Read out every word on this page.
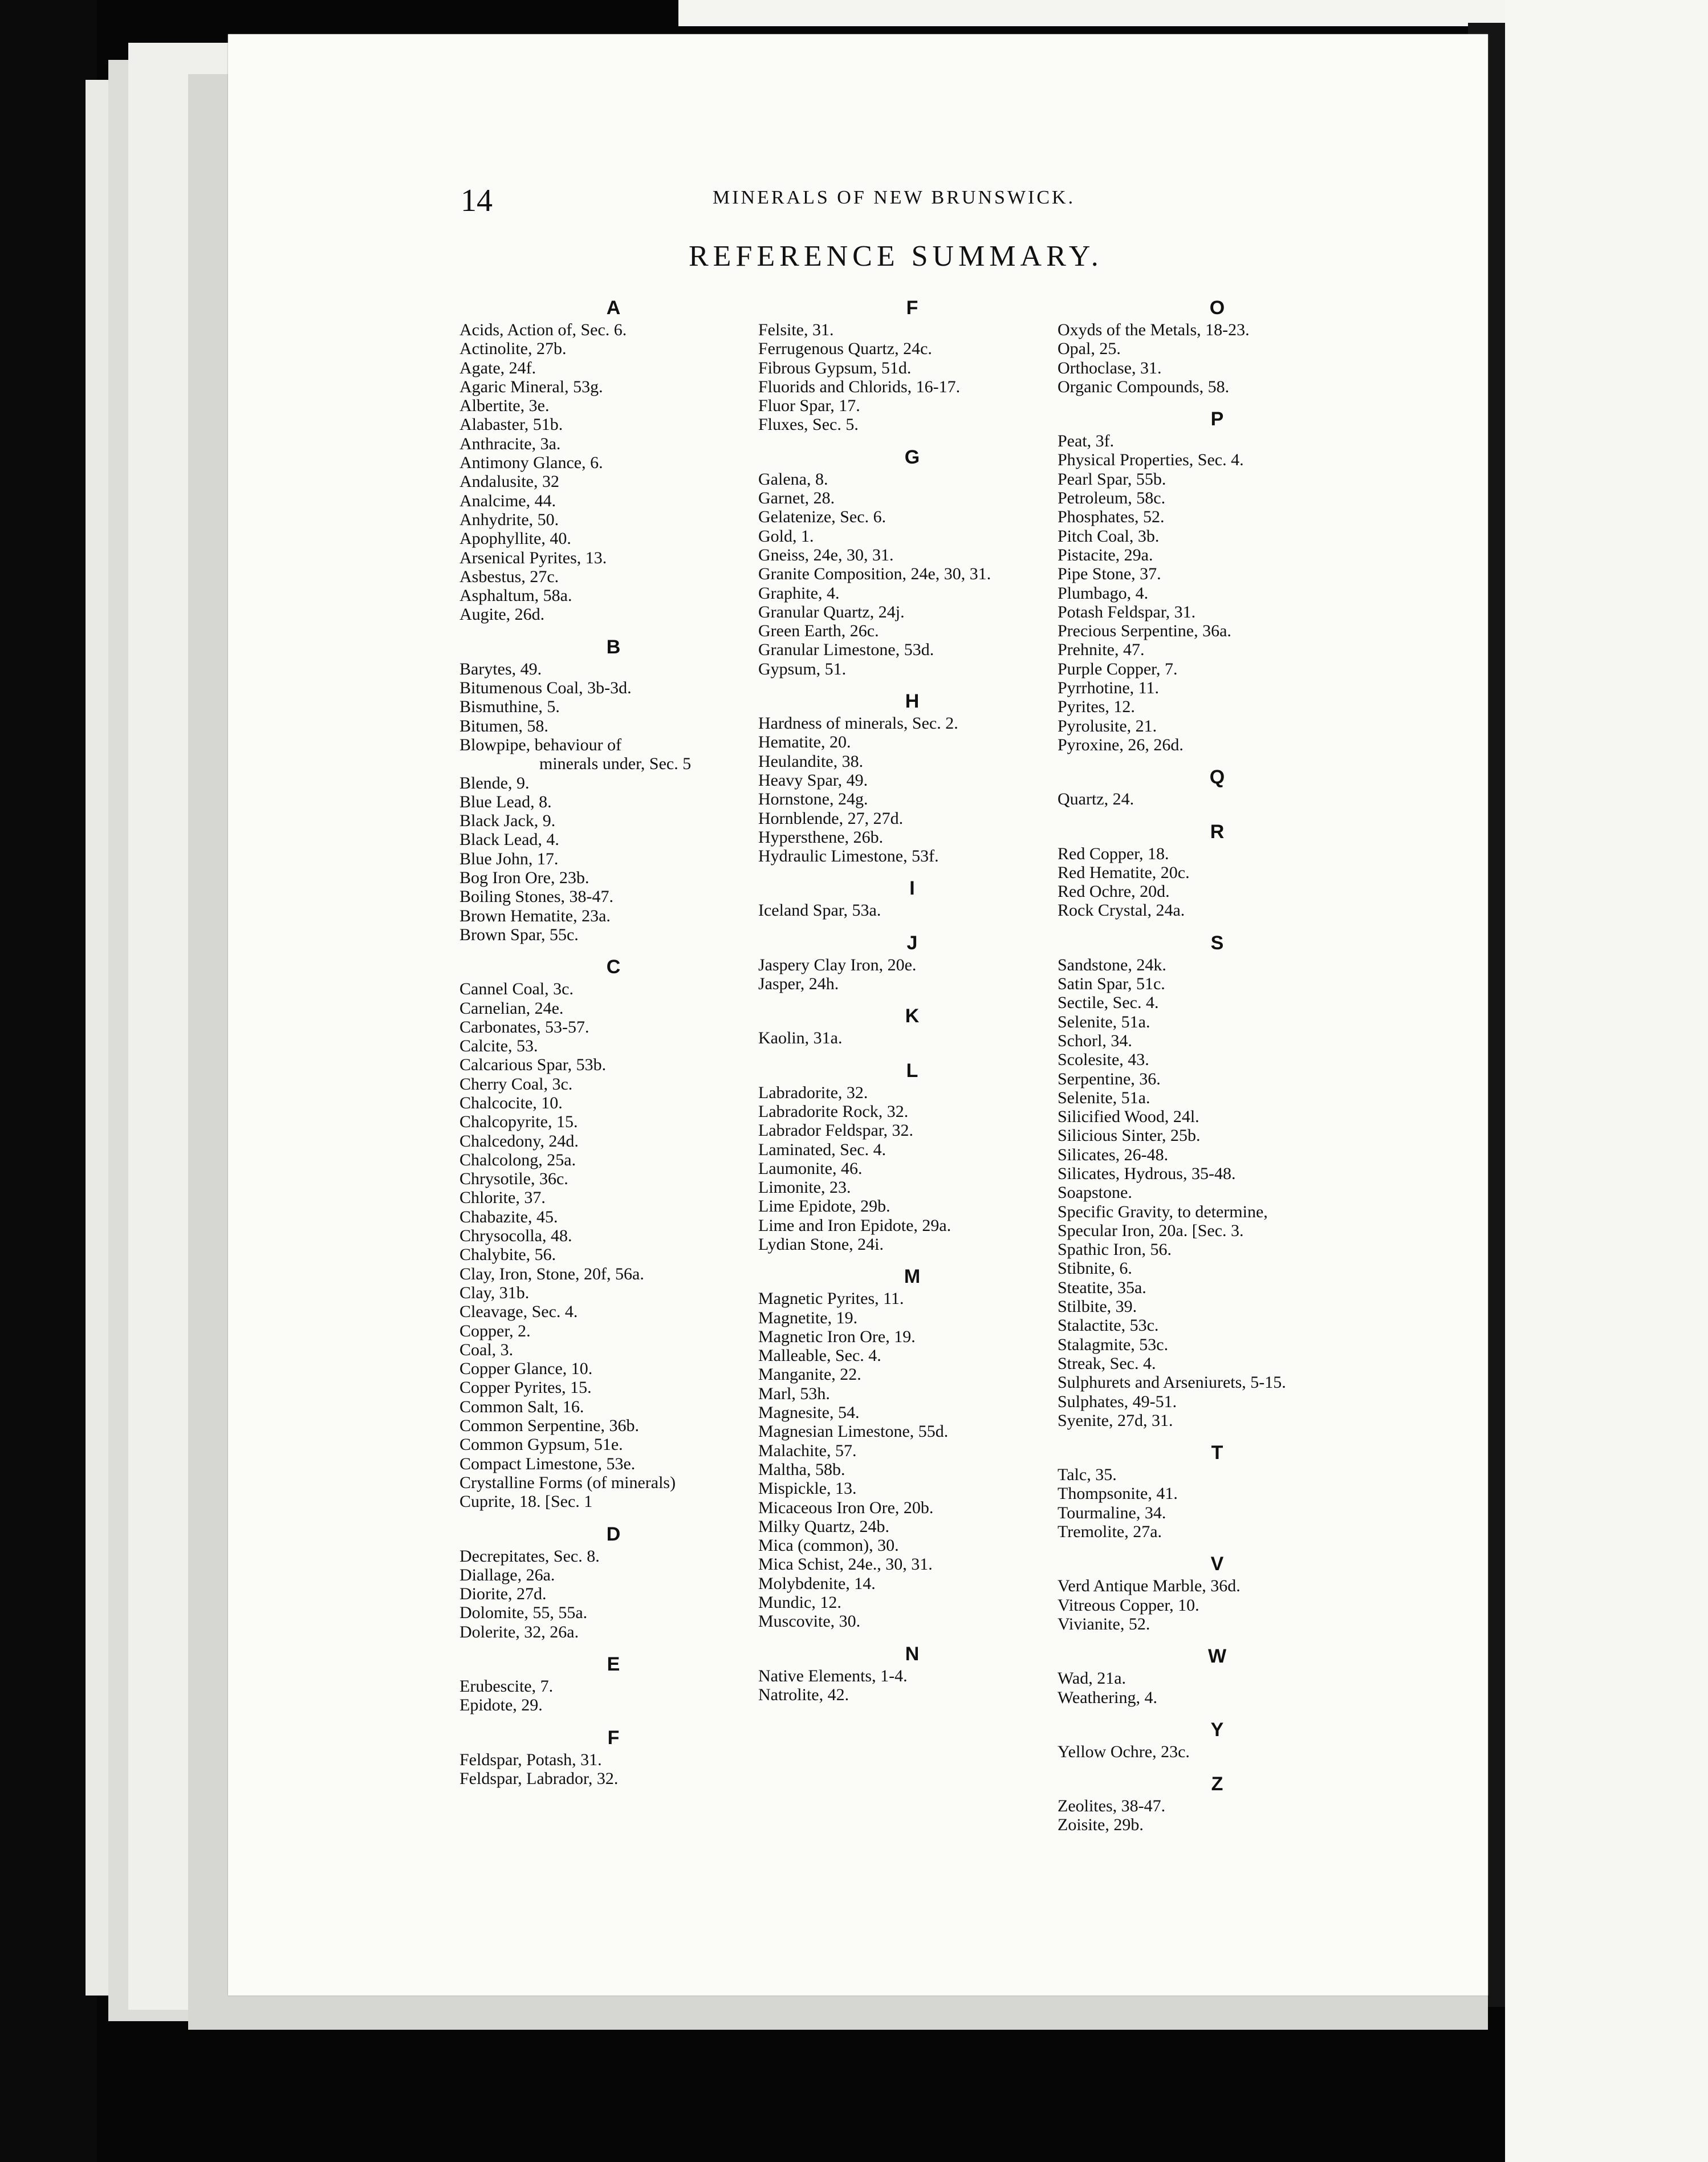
14	MINERALS OF NEW BRUNSWICK.
REFERENCE SUMMARY.
A
Acids, Action of, Sec. 6.
Actinolite, 27b.
Agate, 24f.
Agaric Mineral, 53g.
Albertite, 3e.
Alabaster, 51b.
Anthracite, 3a.
Antimony Glance, 6.
Andalusite, 32
Analcime, 44.
Anhydrite, 50.
Apophyllite, 40.
Arsenical Pyrites, 13.
Asbestus, 27c.
Asphaltum, 58a.
Augite, 26d.
B
Barytes, 49.
Bitumenous Coal, 3b-3d.
Bismuthine, 5.
Bitumen, 58.
Blowpipe, behaviour of
minerals under, Sec. 5
Blende, 9.
Blue Lead, 8.
Black Jack, 9.
Black Lead, 4.
Blue John, 17.
Bog Iron Ore, 23b.
Boiling Stones, 38-47.
Brown Hematite, 23a.
Brown Spar, 55c.
C
Cannel Coal, 3c.
Carnelian, 24e.
Carbonates, 53-57.
Calcite, 53.
Calcarious Spar, 53b.
Cherry Coal, 3c.
Chalcocite, 10.
Chalcopyrite, 15.
Chalcedony, 24d.
Chalcolong, 25a.
Chrysotile, 36c.
Chlorite, 37.
Chabazite, 45.
Chrysocolla, 48.
Chalybite, 56.
Clay, Iron, Stone, 20f, 56a.
Clay, 31b.
Cleavage, Sec. 4.
Copper, 2.
Coal, 3.
Copper Glance, 10.
Copper Pyrites, 15.
Common Salt, 16.
Common Serpentine, 36b.
Common Gypsum, 51e.
Compact Limestone, 53e.
Crystalline Forms (of minerals)
Cuprite, 18. [Sec. 1
D
Decrepitates, Sec. 8.
Diallage, 26a.
Diorite, 27d.
Dolomite, 55, 55a.
Dolerite, 32, 26a.
E
Erubescite, 7.
Epidote, 29.
F
Feldspar, Potash, 31.
Feldspar, Labrador, 32.
F
Felsite, 31.
Ferrugenous Quartz, 24c.
Fibrous Gypsum, 51d.
Fluorids and Chlorids, 16-17.
Fluor Spar, 17.
Fluxes, Sec. 5.
G
Galena, 8.
Garnet, 28.
Gelatenize, Sec. 6.
Gold, 1.
Gneiss, 24e, 30, 31.
Granite Composition, 24e, 30, 31.
Graphite, 4.
Granular Quartz, 24j.
Green Earth, 26c.
Granular Limestone, 53d.
Gypsum, 51.
H
Hardness of minerals, Sec. 2.
Hematite, 20.
Heulandite, 38.
Heavy Spar, 49.
Hornstone, 24g.
Hornblende, 27, 27d.
Hypersthene, 26b.
Hydraulic Limestone, 53f.
I
Iceland Spar, 53a.
J
Jaspery Clay Iron, 20e.
Jasper, 24h.
K
Kaolin, 31a.
L
Labradorite, 32.
Labradorite Rock, 32.
Labrador Feldspar, 32.
Laminated, Sec. 4.
Laumonite, 46.
Limonite, 23.
Lime Epidote, 29b.
Lime and Iron Epidote, 29a.
Lydian Stone, 24i.
M
Magnetic Pyrites, 11.
Magnetite, 19.
Magnetic Iron Ore, 19.
Malleable, Sec. 4.
Manganite, 22.
Marl, 53h.
Magnesite, 54.
Magnesian Limestone, 55d.
Malachite, 57.
Maltha, 58b.
Mispickle, 13.
Micaceous Iron Ore, 20b.
Milky Quartz, 24b.
Mica (common), 30.
Mica Schist, 24e., 30, 31.
Molybdenite, 14.
Mundic, 12.
Muscovite, 30.
N
Native Elements, 1-4.
Natrolite, 42.
O
Oxyds of the Metals, 18-23.
Opal, 25.
Orthoclase, 31.
Organic Compounds, 58.
P
Peat, 3f.
Physical Properties, Sec. 4.
Pearl Spar, 55b.
Petroleum, 58c.
Phosphates, 52.
Pitch Coal, 3b.
Pistacite, 29a.
Pipe Stone, 37.
Plumbago, 4.
Potash Feldspar, 31.
Precious Serpentine, 36a.
Prehnite, 47.
Purple Copper, 7.
Pyrrhotine, 11.
Pyrites, 12.
Pyrolusite, 21.
Pyroxine, 26, 26d.
Q
Quartz, 24.
R
Red Copper, 18.
Red Hematite, 20c.
Red Ochre, 20d.
Rock Crystal, 24a.
S
Sandstone, 24k.
Satin Spar, 51c.
Sectile, Sec. 4.
Selenite, 51a.
Schorl, 34.
Scolesite, 43.
Serpentine, 36.
Selenite, 51a.
Silicified Wood, 24l.
Silicious Sinter, 25b.
Silicates, 26-48.
Silicates, Hydrous, 35-48.
Soapstone.
Specific Gravity, to determine,
Specular Iron, 20a. [Sec. 3.
Spathic Iron, 56.
Stibnite, 6.
Steatite, 35a.
Stilbite, 39.
Stalactite, 53c.
Stalagmite, 53c.
Streak, Sec. 4.
Sulphurets and Arseniurets, 5-15.
Sulphates, 49-51.
Syenite, 27d, 31.
T
Talc, 35.
Thompsonite, 41.
Tourmaline, 34.
Tremolite, 27a.
V
Verd Antique Marble, 36d.
Vitreous Copper, 10.
Vivianite, 52.
W
Wad, 21a.
Weathering, 4.
Y
Yellow Ochre, 23c.
Z
Zeolites, 38-47.
Zoisite, 29b.
